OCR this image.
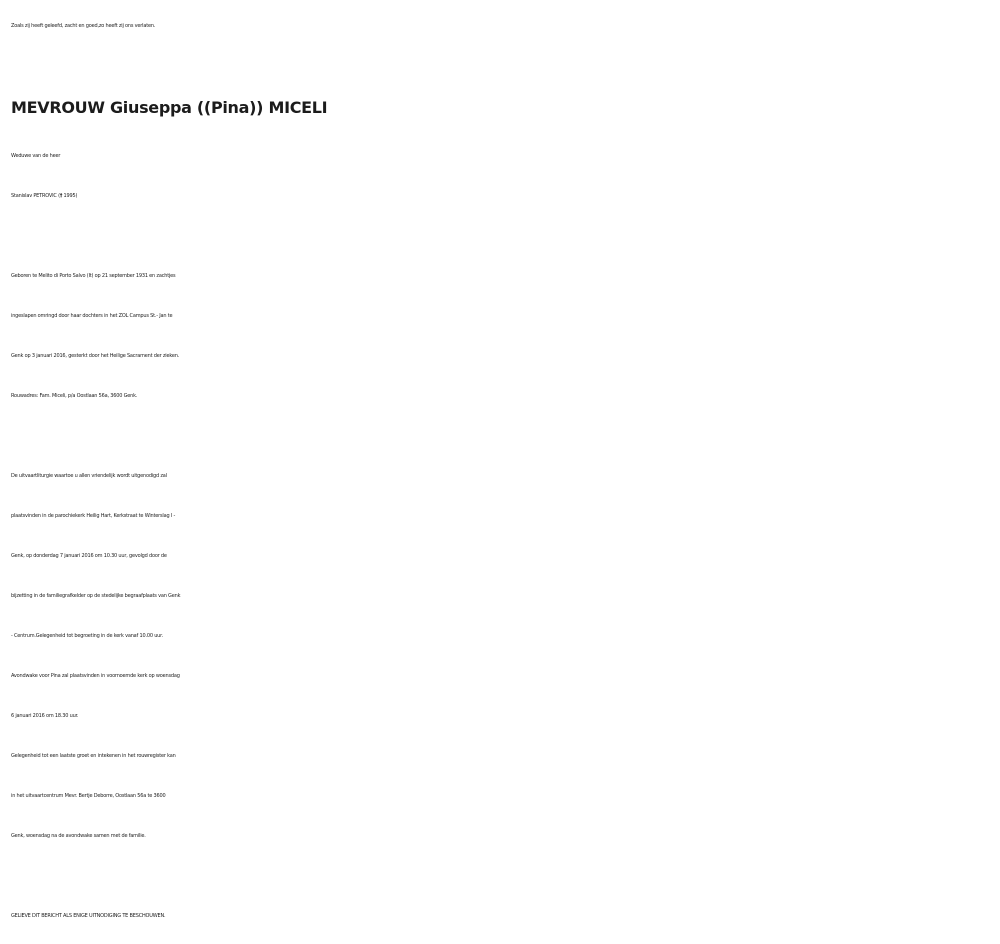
Zoals zij heeft geleefd, zacht en goed,zo heeft zij ons verlaten.
MEVROUW Giuseppa ((Pina)) MICELI
Weduwe van de heer
Stanislav PETROVIC († 1995)
Geboren te Melito di Porto Salvo (It) op 21 september 1931 en zachtjes
ingeslapen omringd door haar dochters in het ZOL Campus St.- Jan te
Genk op 3 januari 2016, gesterkt door het Heilige Sacrament der zieken.
Rouwadres: Fam. Miceli, p/a Oostlaan 56a, 3600 Genk.
De uitvaartliturgie waartoe u allen vriendelijk wordt uitgenodigd zal
plaatsvinden in de parochiekerk Heilig Hart, Kerkstraat te Winterslag I -
Genk, op donderdag 7 januari 2016 om 10.30 uur, gevolgd door de
bijzetting in de familiegrafkelder op de stedelijke begraafplaats van Genk
- Centrum.Gelegenheid tot begroeting in de kerk vanaf 10.00 uur.
Avondwake voor Pina zal plaatsvinden in voornoemde kerk op woensdag
6 januari 2016 om 18.30 uur.
Gelegenheid tot een laatste groet en intekenen in het rouwregister kan
in het uitvaartcentrum Mevr. Bertje Deborre, Oostlaan 56a te 3600
Genk, woensdag na de avondwake samen met de familie.
GELIEVE DIT BERICHT ALS ENIGE UITNODIGING TE BESCHOUWEN.
